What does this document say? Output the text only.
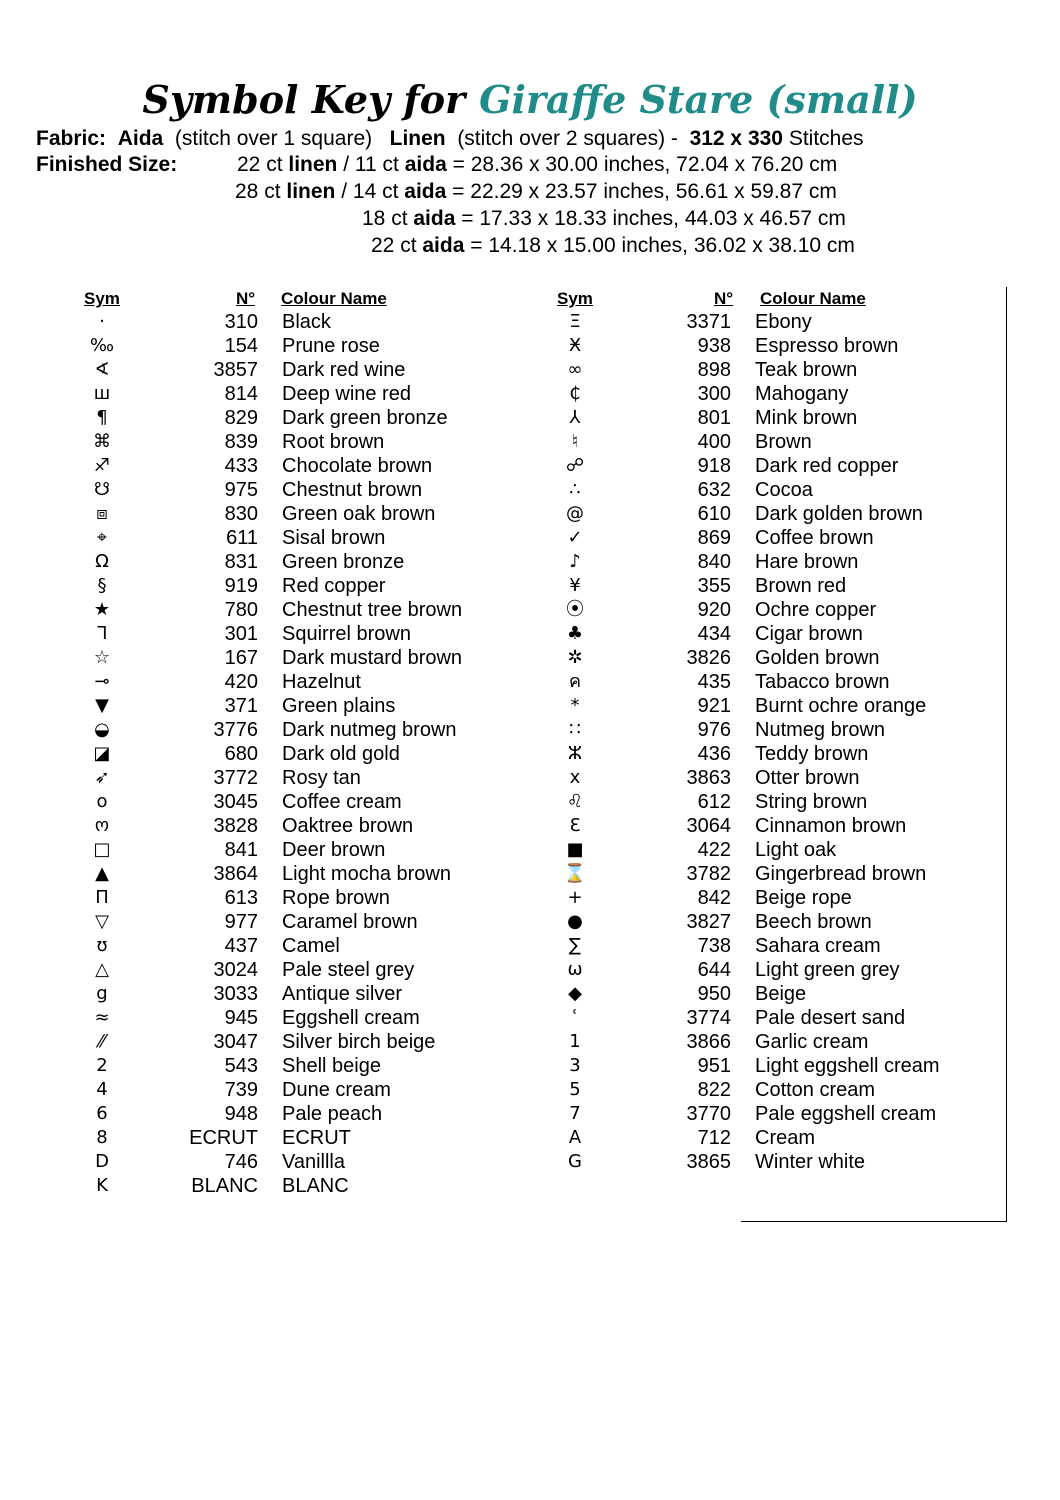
Symbol Key for Giraffe Stare (small)
Fabric: Aida (stitch over 1 square) Linen (stitch over 2 squares) - 312 x 330 Stitches
Finished Size:	22 ct linen / 11 ct aida = 28.36 x 30.00 inches, 72.04 x 76.20 cm
28 ct linen / 14 ct aida = 22.29 x 23.57 inches, 56.61 x 59.87 cm
18 ct aida = 17.33 x 18.33 inches, 44.03 x 46.57 cm
22 ct aida = 14.18 x 15.00 inches, 36.02 x 38.10 cm
Sym	N° Colour Name	Sym	N° Colour Name
·	310 Black
‰	154 Prune rose
∢	3857 Dark red wine
ш	814 Deep wine red
¶	829 Dark green bronze
⌘	839 Root brown
♐	433 Chocolate brown
☋	975 Chestnut brown
⧈	830 Green oak brown
⌖	611 Sisal brown
Ω	831 Green bronze
§	919 Red copper
★	780 Chestnut tree brown
ᒣ	301 Squirrel brown
☆	167 Dark mustard brown
⊸	420 Hazelnut
▼	371 Green plains
◒	3776 Dark nutmeg brown
◪	680 Dark old gold
➶	3772 Rosy tan
o	3045 Coffee cream
ო	3828 Oaktree brown
□	841 Deer brown
▲	3864 Light mocha brown
Π	613 Rope brown
▽	977 Caramel brown
ʊ	437 Camel
△	3024 Pale steel grey
g	3033 Antique silver
≈	945 Eggshell cream
⁄⁄	3047 Silver birch beige
2	543 Shell beige
4	739 Dune cream
6	948 Pale peach
8	ECRUT ECRUT
D	746 Vanillla
K	BLANC BLANC
Ξ	3371 Ebony
Ӿ	938 Espresso brown
∞	898 Teak brown
₵	300 Mahogany
⅄	801 Mink brown
♮	400 Brown
☍	918 Dark red copper
∴	632 Cocoa
@	610 Dark golden brown
✓	869 Coffee brown
♪	840 Hare brown
¥	355 Brown red
⦿	920 Ochre copper
♣	434 Cigar brown
✲	3826 Golden brown
ค	435 Tabacco brown
*	921 Burnt ochre orange
∷	976 Nutmeg brown
ⵣ	436 Teddy brown
x	3863 Otter brown
♌	612 String brown
Ɛ	3064 Cinnamon brown
■	422 Light oak
⌛	3782 Gingerbread brown
+	842 Beige rope
●	3827 Beech brown
∑	738 Sahara cream
ω	644 Light green grey
◆	950 Beige
ʿ	3774 Pale desert sand
1	3866 Garlic cream
3	951 Light eggshell cream
5	822 Cotton cream
7	3770 Pale eggshell cream
A	712 Cream
G	3865 Winter white
